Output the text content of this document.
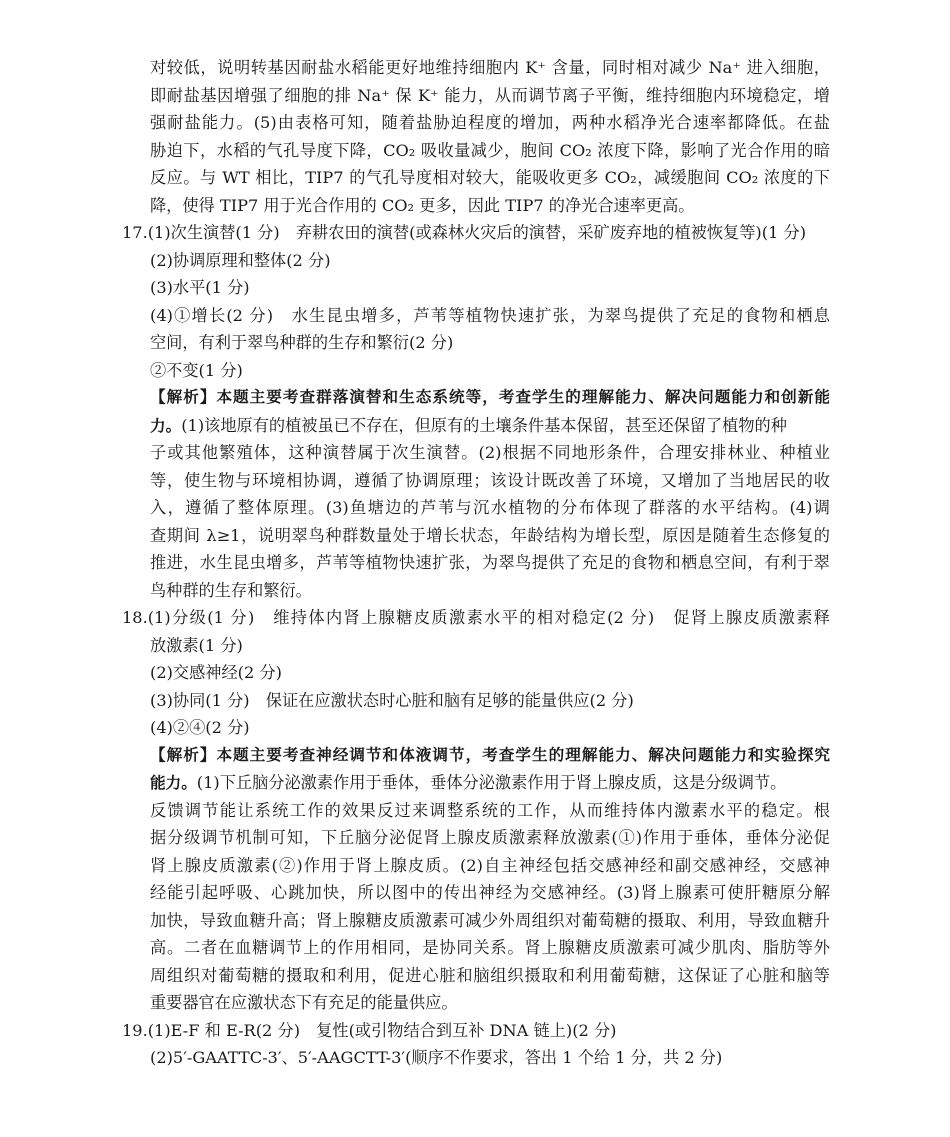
对较低，说明转基因耐盐水稻能更好地维持细胞内 K⁺ 含量，同时相对减少 Na⁺ 进入细胞，
即耐盐基因增强了细胞的排 Na⁺ 保 K⁺ 能力，从而调节离子平衡，维持细胞内环境稳定，增
强耐盐能力。(5)由表格可知，随着盐胁迫程度的增加，两种水稻净光合速率都降低。在盐
胁迫下，水稻的气孔导度下降，CO₂ 吸收量减少，胞间 CO₂ 浓度下降，影响了光合作用的暗
反应。与 WT 相比，TIP7 的气孔导度相对较大，能吸收更多 CO₂，减缓胞间 CO₂ 浓度的下
降，使得 TIP7 用于光合作用的 CO₂ 更多，因此 TIP7 的净光合速率更高。
17.(1)次生演替(1 分)　弃耕农田的演替(或森林火灾后的演替，采矿废弃地的植被恢复等)(1 分)
(2)协调原理和整体(2 分)
(3)水平(1 分)
(4)①增长(2 分)　水生昆虫增多，芦苇等植物快速扩张，为翠鸟提供了充足的食物和栖息
空间，有利于翠鸟种群的生存和繁衍(2 分)
②不变(1 分)
【解析】本题主要考查群落演替和生态系统等，考查学生的理解能力、解决问题能力和创新能
力。(1)该地原有的植被虽已不存在，但原有的土壤条件基本保留，甚至还保留了植物的种
子或其他繁殖体，这种演替属于次生演替。(2)根据不同地形条件，合理安排林业、种植业
等，使生物与环境相协调，遵循了协调原理；该设计既改善了环境，又增加了当地居民的收
入，遵循了整体原理。(3)鱼塘边的芦苇与沉水植物的分布体现了群落的水平结构。(4)调
查期间 λ≥1，说明翠鸟种群数量处于增长状态，年龄结构为增长型，原因是随着生态修复的
推进，水生昆虫增多，芦苇等植物快速扩张，为翠鸟提供了充足的食物和栖息空间，有利于翠
鸟种群的生存和繁衍。
18.(1)分级(1 分)　维持体内肾上腺糖皮质激素水平的相对稳定(2 分)　促肾上腺皮质激素释
放激素(1 分)
(2)交感神经(2 分)
(3)协同(1 分)　保证在应激状态时心脏和脑有足够的能量供应(2 分)
(4)②④(2 分)
【解析】本题主要考查神经调节和体液调节，考查学生的理解能力、解决问题能力和实验探究
能力。(1)下丘脑分泌激素作用于垂体，垂体分泌激素作用于肾上腺皮质，这是分级调节。
反馈调节能让系统工作的效果反过来调整系统的工作，从而维持体内激素水平的稳定。根
据分级调节机制可知，下丘脑分泌促肾上腺皮质激素释放激素(①)作用于垂体，垂体分泌促
肾上腺皮质激素(②)作用于肾上腺皮质。(2)自主神经包括交感神经和副交感神经，交感神
经能引起呼吸、心跳加快，所以图中的传出神经为交感神经。(3)肾上腺素可使肝糖原分解
加快，导致血糖升高；肾上腺糖皮质激素可减少外周组织对葡萄糖的摄取、利用，导致血糖升
高。二者在血糖调节上的作用相同，是协同关系。肾上腺糖皮质激素可减少肌肉、脂肪等外
周组织对葡萄糖的摄取和利用，促进心脏和脑组织摄取和利用葡萄糖，这保证了心脏和脑等
重要器官在应激状态下有充足的能量供应。
19.(1)E-F 和 E-R(2 分)　复性(或引物结合到互补 DNA 链上)(2 分)
(2)5′-GAATTC-3′、5′-AAGCTT-3′(顺序不作要求，答出 1 个给 1 分，共 2 分)
